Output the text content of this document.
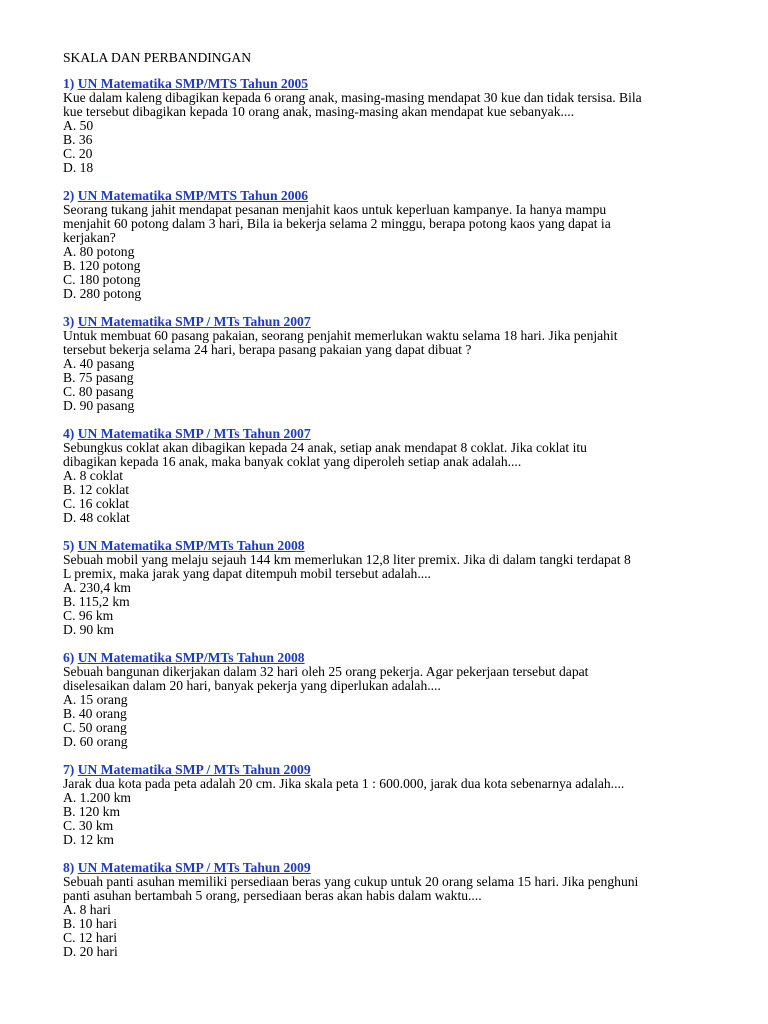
SKALA DAN PERBANDINGAN

1) UN Matematika SMP/MTS Tahun 2005

Kue dalam kaleng dibagikan kepada 6 orang anak, masing-masing mendapat 30 kue dan tidak tersisa. Bila
kue tersebut dibagikan kepada 10 orang anak, masing-masing akan mendapat kue sebanyak....

A. 50
B. 36
C. 20
D. 18

2) UN Matematika SMP/MTS Tahun 2006

Seorang tukang jahit mendapat pesanan menjahit kaos untuk keperluan kampanye. Ia hanya mampu
menjahit 60 potong dalam 3 hari, Bila ia bekerja selama 2 minggu, berapa potong kaos yang dapat ia
kerjakan?

A. 80 potong
B. 120 potong
C. 180 potong
D. 280 potong

3) UN Matematika SMP / MTs Tahun 2007

Untuk membuat 60 pasang pakaian, seorang penjahit memerlukan waktu selama 18 hari. Jika penjahit
tersebut bekerja selama 24 hari, berapa pasang pakaian yang dapat dibuat ?

A. 40 pasang
B. 75 pasang
C. 80 pasang
D. 90 pasang

4) UN Matematika SMP / MTs Tahun 2007

Sebungkus coklat akan dibagikan kepada 24 anak, setiap anak mendapat 8 coklat. Jika coklat itu
dibagikan kepada 16 anak, maka banyak coklat yang diperoleh setiap anak adalah....

A. 8 coklat
B. 12 coklat
C. 16 coklat
D. 48 coklat

5) UN Matematika SMP/MTs Tahun 2008

Sebuah mobil yang melaju sejauh 144 km memerlukan 12,8 liter premix. Jika di dalam tangki terdapat 8
L premix, maka jarak yang dapat ditempuh mobil tersebut adalah....

A. 230,4 km
B. 115,2 km
C. 96 km
D. 90 km

6) UN Matematika SMP/MTs Tahun 2008

Sebuah bangunan dikerjakan dalam 32 hari oleh 25 orang pekerja. Agar pekerjaan tersebut dapat
diselesaikan dalam 20 hari, banyak pekerja yang diperlukan adalah....

A. 15 orang
B. 40 orang
C. 50 orang
D. 60 orang

7) UN Matematika SMP / MTs Tahun 2009

Jarak dua kota pada peta adalah 20 cm. Jika skala peta 1 : 600.000, jarak dua kota sebenarnya adalah....

A. 1.200 km
B. 120 km
C. 30 km
D. 12 km

8) UN Matematika SMP / MTs Tahun 2009

Sebuah panti asuhan memiliki persediaan beras yang cukup untuk 20 orang selama 15 hari. Jika penghuni
panti asuhan bertambah 5 orang, persediaan beras akan habis dalam waktu....

A. 8 hari
B. 10 hari
C. 12 hari
D. 20 hari
